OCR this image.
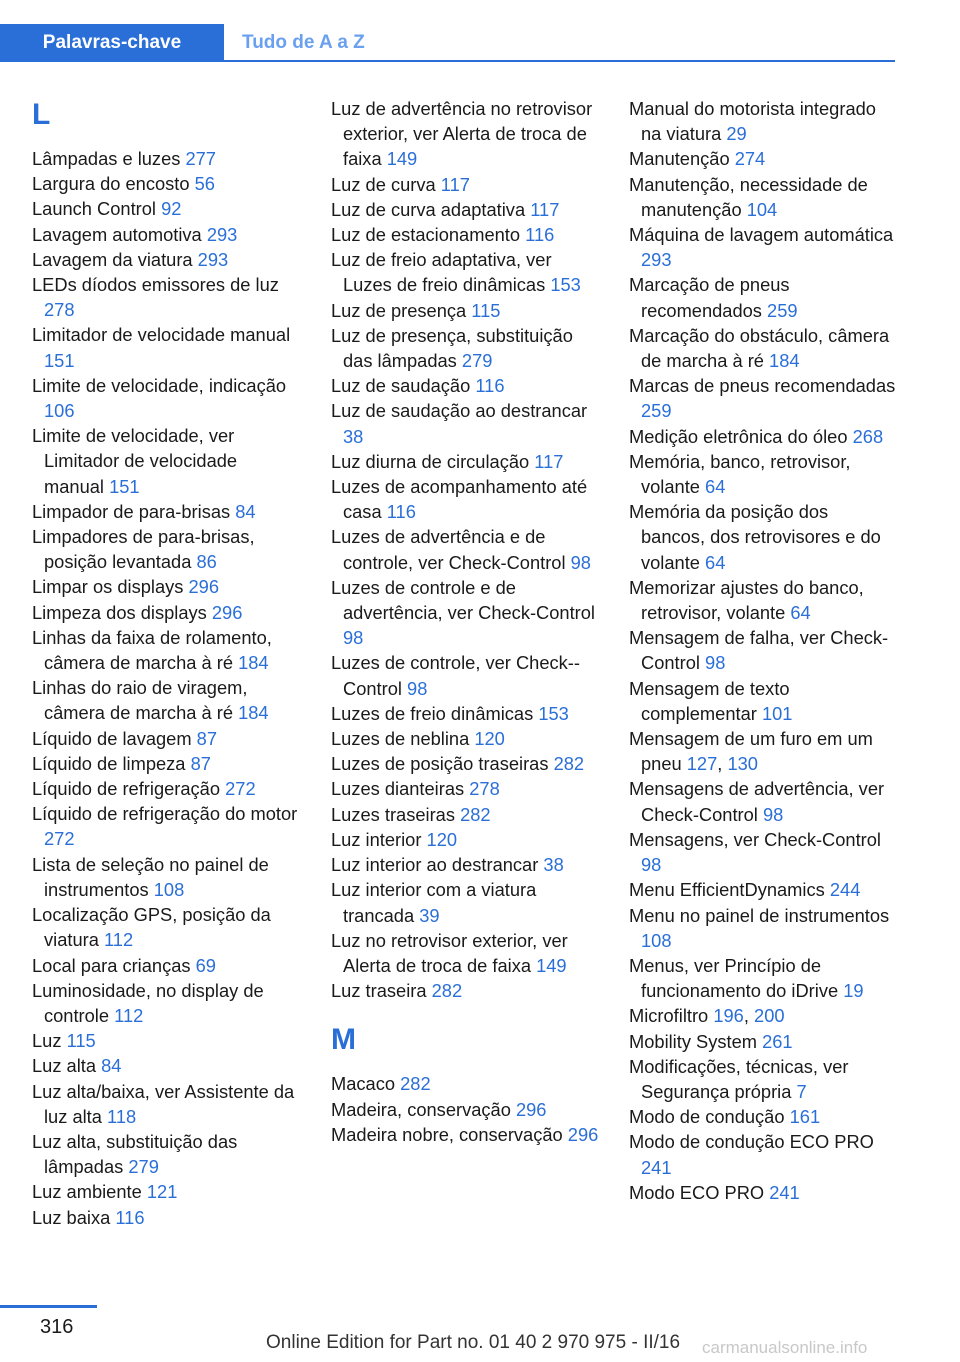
Palavras-chave	Tudo de A a Z
L
Lâmpadas e luzes 277
Largura do encosto 56
Launch Control 92
Lavagem automotiva 293
Lavagem da viatura 293
LEDs díodos emissores de luz 278
Limitador de velocidade manual 151
Limite de velocidade, indicação 106
Limite de velocidade, ver Limitador de velocidade manual 151
Limpador de para-brisas 84
Limpadores de para-brisas, posição levantada 86
Limpar os displays 296
Limpeza dos displays 296
Linhas da faixa de rolamento, câmera de marcha à ré 184
Linhas do raio de viragem, câmera de marcha à ré 184
Líquido de lavagem 87
Líquido de limpeza 87
Líquido de refrigeração 272
Líquido de refrigeração do motor 272
Lista de seleção no painel de instrumentos 108
Localização GPS, posição da viatura 112
Local para crianças 69
Luminosidade, no display de controle 112
Luz 115
Luz alta 84
Luz alta/baixa, ver Assistente da luz alta 118
Luz alta, substituição das lâmpadas 279
Luz ambiente 121
Luz baixa 116
Luz de advertência no retrovisor exterior, ver Alerta de troca de faixa 149
Luz de curva 117
Luz de curva adaptativa 117
Luz de estacionamento 116
Luz de freio adaptativa, ver Luzes de freio dinâmicas 153
Luz de presença 115
Luz de presença, substituição das lâmpadas 279
Luz de saudação 116
Luz de saudação ao destrancar 38
Luz diurna de circulação 117
Luzes de acompanhamento até casa 116
Luzes de advertência e de controle, ver Check-Control 98
Luzes de controle e de advertência, ver Check-Control 98
Luzes de controle, ver Check--Control 98
Luzes de freio dinâmicas 153
Luzes de neblina 120
Luzes de posição traseiras 282
Luzes dianteiras 278
Luzes traseiras 282
Luz interior 120
Luz interior ao destrancar 38
Luz interior com a viatura trancada 39
Luz no retrovisor exterior, ver Alerta de troca de faixa 149
Luz traseira 282
M
Macaco 282
Madeira, conservação 296
Madeira nobre, conservação 296
Manual do motorista integrado na viatura 29
Manutenção 274
Manutenção, necessidade de manutenção 104
Máquina de lavagem automática 293
Marcação de pneus recomendados 259
Marcação do obstáculo, câmera de marcha à ré 184
Marcas de pneus recomendadas 259
Medição eletrônica do óleo 268
Memória, banco, retrovisor, volante 64
Memória da posição dos bancos, dos retrovisores e do volante 64
Memorizar ajustes do banco, retrovisor, volante 64
Mensagem de falha, ver Check-Control 98
Mensagem de texto complementar 101
Mensagem de um furo em um pneu 127, 130
Mensagens de advertência, ver Check-Control 98
Mensagens, ver Check-Control 98
Menu EfficientDynamics 244
Menu no painel de instrumentos 108
Menus, ver Princípio de funcionamento do iDrive 19
Microfiltro 196, 200
Mobility System 261
Modificações, técnicas, ver Segurança própria 7
Modo de condução 161
Modo de condução ECO PRO 241
Modo ECO PRO 241
316
Online Edition for Part no. 01 40 2 970 975 - II/16 carmanualsonline.info
